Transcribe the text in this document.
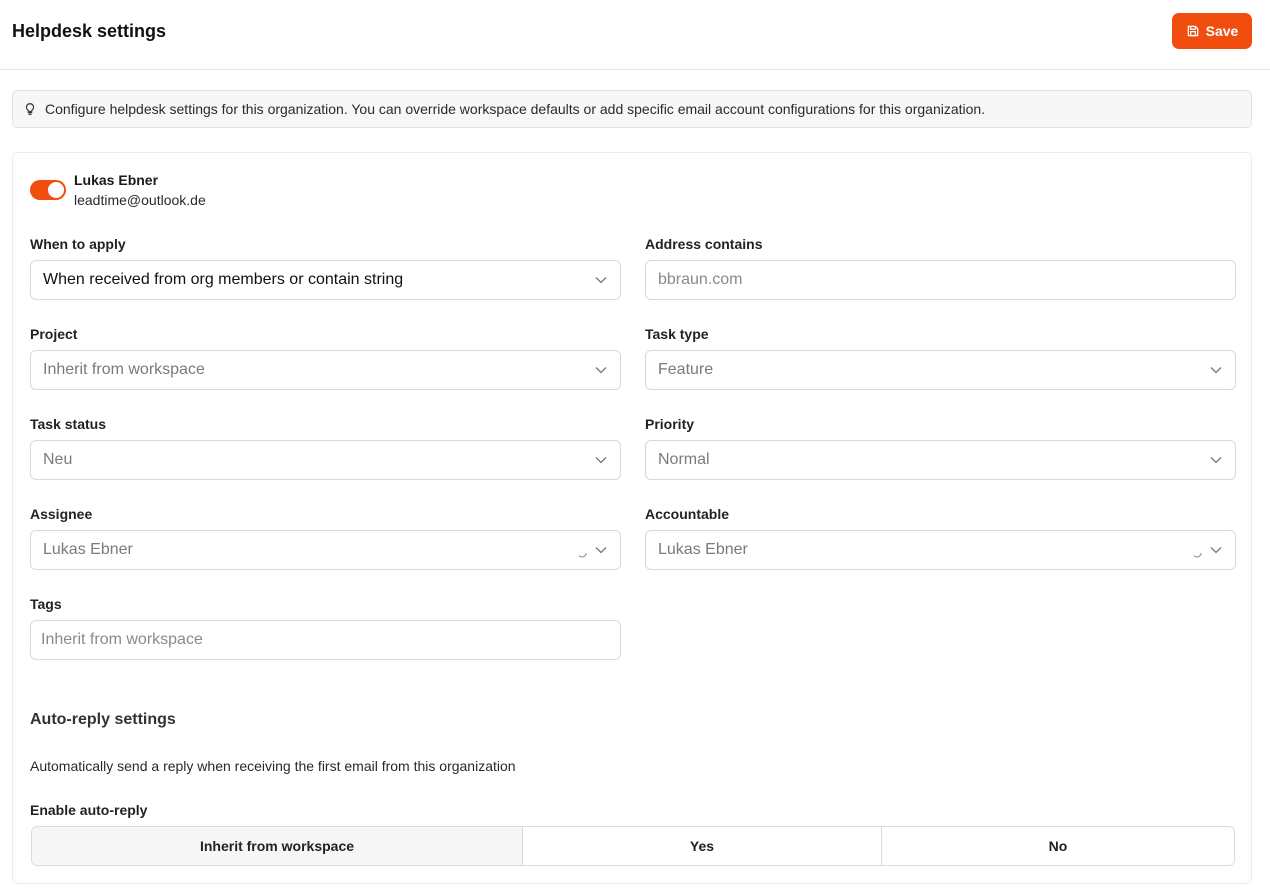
Helpdesk settings	Save
Configure helpdesk settings for this organization. You can override workspace defaults or add specific email account configurations for this organization.
Lukas Ebner
leadtime@outlook.de
When to apply
When received from org members or contain string
Address contains
bbraun.com
Project
Inherit from workspace
Task type
Feature
Task status
Neu
Priority
Normal
Assignee
Lukas Ebner
Accountable
Lukas Ebner
Tags
Inherit from workspace
Auto-reply settings
Automatically send a reply when receiving the first email from this organization
Enable auto-reply
Inherit from workspace	Yes	No
